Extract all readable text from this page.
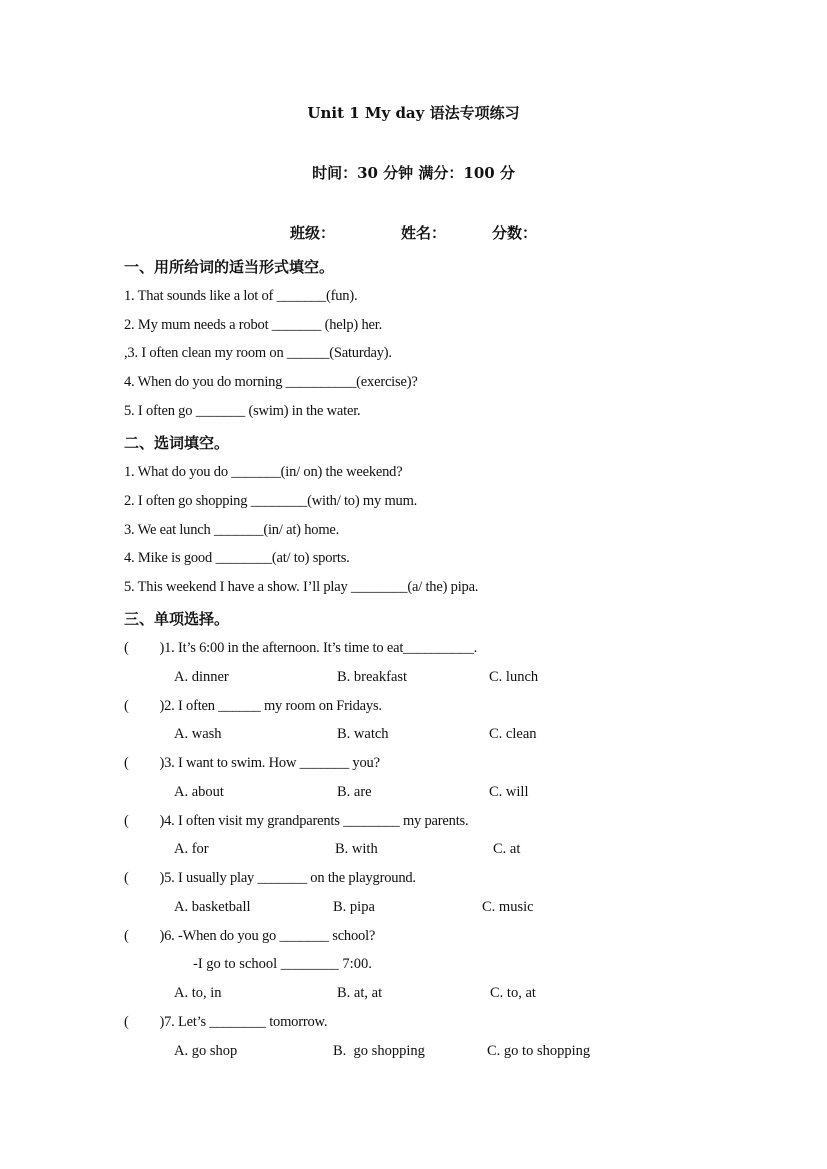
Unit 1 My day 语法专项练习
时间：30 分钟 满分：100 分
班级：	姓名：	分数：
一、用所给词的适当形式填空。
1. That sounds like a lot of _______(fun).
2. My mum needs a robot _______ (help) her.
,3. I often clean my room on ______(Saturday).
4. When do you do morning __________(exercise)?
5. I often go _______ (swim) in the water.
二、选词填空。
1. What do you do _______(in/ on) the weekend?
2. I often go shopping ________(with/ to) my mum.
3. We eat lunch _______(in/ at) home.
4. Mike is good ________(at/ to) sports.
5. This weekend I have a show. I’ll play ________(a/ the) pipa.
三、单项选择。
(         )1. It’s 6:00 in the afternoon. It’s time to eat__________.
A. dinner	B. breakfast	C. lunch
(         )2. I often ______ my room on Fridays.
A. wash	B. watch	C. clean
(         )3. I want to swim. How _______ you?
A. about	B. are	C. will
(         )4. I often visit my grandparents ________ my parents.
A. for	B. with	C. at
(         )5. I usually play _______ on the playground.
A. basketball	B. pipa	C. music
(         )6. -When do you go _______ school?
-I go to school ________ 7:00.
A. to, in	B. at, at	C. to, at
(         )7. Let’s ________ tomorrow.
A. go shop	B.  go shopping	C. go to shopping
